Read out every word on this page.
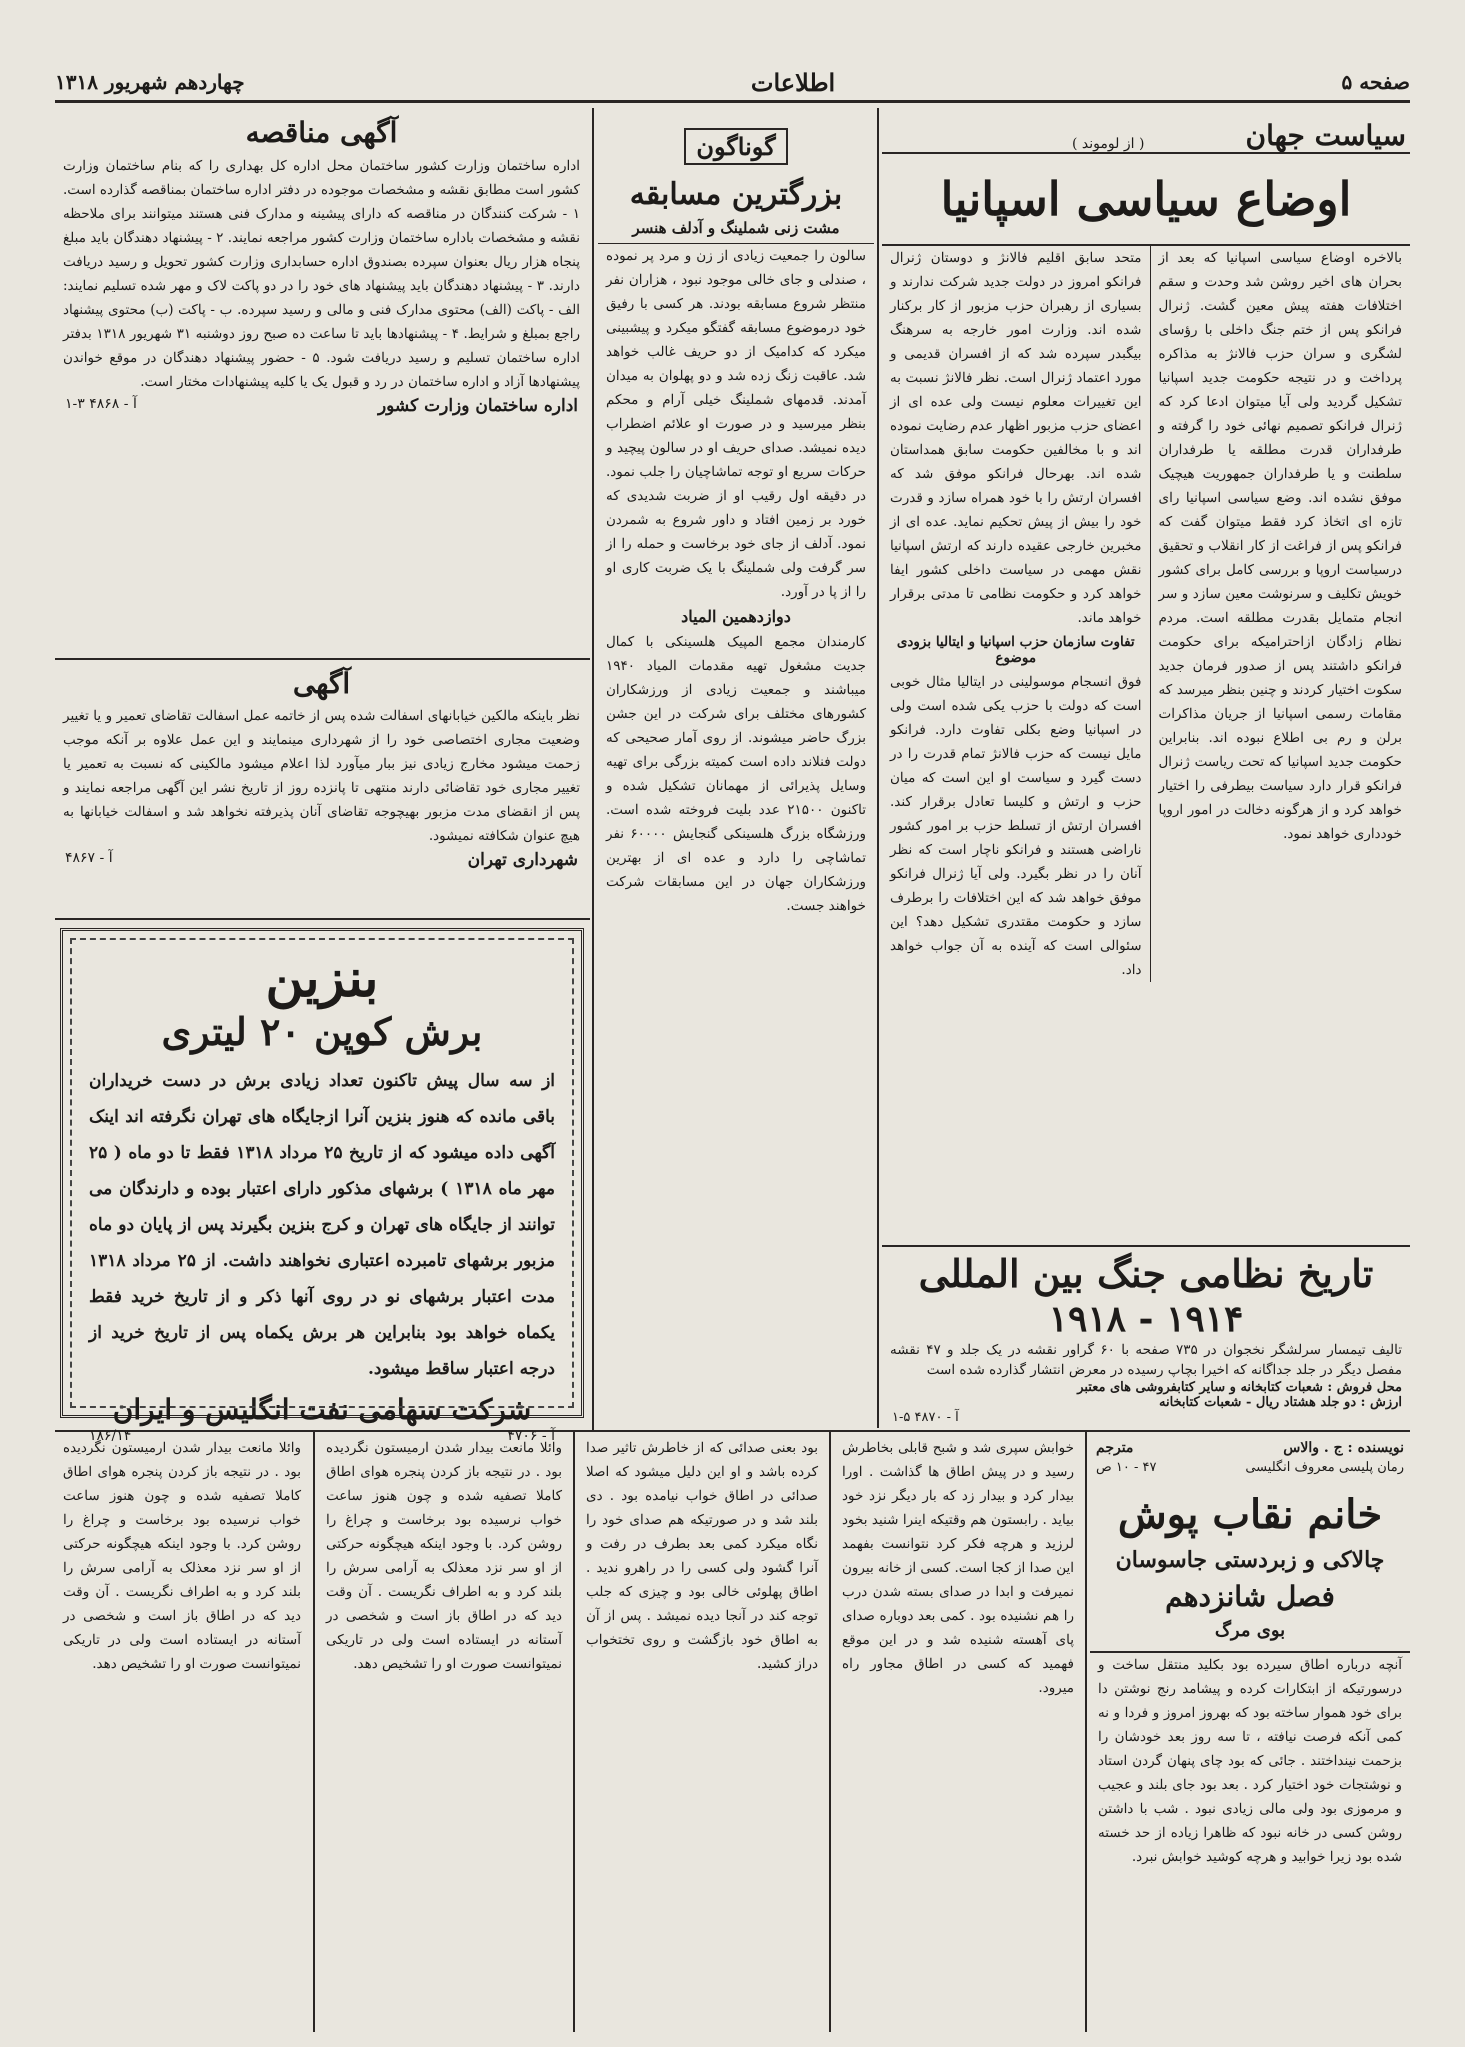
صفحه ۵
اطلاعات
چهاردهم شهریور ۱۳۱۸
سیاست جهان
( از لوموند )
اوضاع سیاسی اسپانیا

بالاخره اوضاع سیاسی اسپانیا که بعد از بحران های اخیر روشن شد وحدت و سقم اختلافات هفته پیش معین گشت. ژنرال فرانکو پس از ختم جنگ داخلی با رؤسای لشگری و سران حزب فالانژ به مذاکره پرداخت و در نتیجه حکومت جدید اسپانیا تشکیل گردید ولی آیا میتوان ادعا کرد که ژنرال فرانکو تصمیم نهائی خود را گرفته و طرفداران قدرت مطلقه یا طرفداران سلطنت و یا طرفداران جمهوریت هیچیک موفق نشده اند. وضع سیاسی اسپانیا رای تازه ای اتخاذ کرد فقط میتوان گفت که فرانکو پس از فراغت از کار انقلاب و تحقیق درسیاست اروپا و بررسی کامل برای کشور خویش تکلیف و سرنوشت معین سازد و سر انجام متمایل بقدرت مطلقه است. مردم نظام زادگان ازاحترامیکه برای حکومت فرانکو داشتند پس از صدور فرمان جدید سکوت اختیار کردند و چنین بنظر میرسد که مقامات رسمی اسپانیا از جریان مذاکرات برلن و رم بی اطلاع نبوده اند. بنابراین حکومت جدید اسپانیا که تحت ریاست ژنرال فرانکو قرار دارد سیاست بیطرفی را اختیار خواهد کرد و از هرگونه دخالت در امور اروپا خودداری خواهد نمود.

متحد سابق اقلیم فالانژ و دوستان ژنرال فرانکو امروز در دولت جدید شرکت ندارند و بسیاری از رهبران حزب مزبور از کار برکنار شده اند. وزارت امور خارجه به سرهنگ بیگبدر سپرده شد که از افسران قدیمی و مورد اعتماد ژنرال است. نظر فالانژ نسبت به این تغییرات معلوم نیست ولی عده ای از اعضای حزب مزبور اظهار عدم رضایت نموده اند و با مخالفین حکومت سابق همداستان شده اند. بهرحال فرانکو موفق شد که افسران ارتش را با خود همراه سازد و قدرت خود را بیش از پیش تحکیم نماید. عده ای از مخبرین خارجی عقیده دارند که ارتش اسپانیا نقش مهمی در سیاست داخلی کشور ایفا خواهد کرد و حکومت نظامی تا مدتی برقرار خواهد ماند.

تفاوت سازمان حزب اسپانیا و ایتالیا بزودی موضوع

فوق انسجام موسولینی در ایتالیا مثال خوبی است که دولت با حزب یکی شده است ولی در اسپانیا وضع بکلی تفاوت دارد. فرانکو مایل نیست که حزب فالانژ تمام قدرت را در دست گیرد و سیاست او این است که میان حزب و ارتش و کلیسا تعادل برقرار کند. افسران ارتش از تسلط حزب بر امور کشور ناراضی هستند و فرانکو ناچار است که نظر آنان را در نظر بگیرد. ولی آیا ژنرال فرانکو موفق خواهد شد که این اختلافات را برطرف سازد و حکومت مقتدری تشکیل دهد؟ این سئوالی است که آینده به آن جواب خواهد داد.

تاریخ نظامی جنگ بین المللی
۱۹۱۴ - ۱۹۱۸

تالیف تیمسار سرلشگر نخجوان در ۷۳۵ صفحه با ۶۰ گراور نقشه در یک جلد و ۴۷ نقشه مفصل دیگر در جلد جداگانه که اخیرا بچاپ رسیده در معرض انتشار گذارده شده است

محل فروش : شعبات کتابخانه و سایر کتابفروشی های معتبر
ارزش : دو جلد هشتاد ریال - شعبات کتابخانه
آ - ۴۸۷۰ ۵-۱
گوناگون
بزرگترین مسابقه
مشت زنی شملینگ و آدلف هنسر

سالون را جمعیت زیادی از زن و مرد پر نموده ، صندلی و جای خالی موجود نبود ، هزاران نفر منتظر شروع مسابقه بودند. هر کسی با رفیق خود درموضوع مسابقه گفتگو میکرد و پیشبینی میکرد که کدامیک از دو حریف غالب خواهد شد. عاقبت زنگ زده شد و دو پهلوان به میدان آمدند. قدمهای شملینگ خیلی آرام و محکم بنظر میرسید و در صورت او علائم اضطراب دیده نمیشد. صدای حریف او در سالون پیچید و حرکات سریع او توجه تماشاچیان را جلب نمود. در دقیقه اول رقیب او از ضربت شدیدی که خورد بر زمین افتاد و داور شروع به شمردن نمود. آدلف از جای خود برخاست و حمله را از سر گرفت ولی شملینگ با یک ضربت کاری او را از پا در آورد.

دوازدهمین المیاد

کارمندان مجمع المپیک هلسینکی با کمال جدیت مشغول تهیه مقدمات المیاد ۱۹۴۰ میباشند و جمعیت زیادی از ورزشکاران کشورهای مختلف برای شرکت در این جشن بزرگ حاضر میشوند. از روی آمار صحیحی که دولت فنلاند داده است کمیته بزرگی برای تهیه وسایل پذیرائی از مهمانان تشکیل شده و تاکنون ۲۱۵۰۰ عدد بلیت فروخته شده است. ورزشگاه بزرگ هلسینکی گنجایش ۶۰۰۰۰ نفر تماشاچی را دارد و عده ای از بهترین ورزشکاران جهان در این مسابقات شرکت خواهند جست.

آگهی مناقصه

اداره ساختمان وزارت کشور ساختمان محل اداره کل بهداری را که بنام ساختمان وزارت کشور است مطابق نقشه و مشخصات موجوده در دفتر اداره ساختمان بمناقصه گذارده است. ۱ - شرکت کنندگان در مناقصه که دارای پیشینه و مدارک فنی هستند میتوانند برای ملاحظه نقشه و مشخصات باداره ساختمان وزارت کشور مراجعه نمایند. ۲ - پیشنهاد دهندگان باید مبلغ پنجاه هزار ریال بعنوان سپرده بصندوق اداره حسابداری وزارت کشور تحویل و رسید دریافت دارند. ۳ - پیشنهاد دهندگان باید پیشنهاد های خود را در دو پاکت لاک و مهر شده تسلیم نمایند: الف - پاکت (الف) محتوی مدارک فنی و مالی و رسید سپرده. ب - پاکت (ب) محتوی پیشنهاد راجع بمبلغ و شرایط. ۴ - پیشنهادها باید تا ساعت ده صبح روز دوشنبه ۳۱ شهریور ۱۳۱۸ بدفتر اداره ساختمان تسلیم و رسید دریافت شود. ۵ - حضور پیشنهاد دهندگان در موقع خواندن پیشنهادها آزاد و اداره ساختمان در رد و قبول یک یا کلیه پیشنهادات مختار است.

اداره ساختمان وزارت کشور
آ - ۴۸۶۸ ۳-۱
آگهی

نظر باینکه مالکین خیابانهای اسفالت شده پس از خاتمه عمل اسفالت تقاضای تعمیر و یا تغییر وضعیت مجاری اختصاصی خود را از شهرداری مینمایند و این عمل علاوه بر آنکه موجب زحمت میشود مخارج زیادی نیز ببار میآورد لذا اعلام میشود مالکینی که نسبت به تعمیر یا تغییر مجاری خود تقاضائی دارند منتهی تا پانزده روز از تاریخ نشر این آگهی مراجعه نمایند و پس از انقضای مدت مزبور بهیچوجه تقاضای آنان پذیرفته نخواهد شد و اسفالت خیابانها به هیچ عنوان شکافته نمیشود.

شهرداری تهران
آ - ۴۸۶۷
بنزین
برش کوپن ۲۰ لیتری
از سه سال پیش تاکنون تعداد زیادی برش در دست خریداران باقی مانده که هنوز بنزین آنرا ازجایگاه های تهران نگرفته اند اینک آگهی داده میشود که از تاریخ ۲۵ مرداد ۱۳۱۸ فقط تا دو ماه ( ۲۵ مهر ماه ۱۳۱۸ ) برشهای مذکور دارای اعتبار بوده و دارندگان می توانند از جایگاه های تهران و کرج بنزین بگیرند پس از پایان دو ماه مزبور برشهای تامبرده اعتباری نخواهند داشت. از ۲۵ مرداد ۱۳۱۸ مدت اعتبار برشهای نو در روی آنها ذکر و از تاریخ خرید فقط یکماه خواهد بود بنابراین هر برش یکماه پس از تاریخ خرید از درجه اعتبار ساقط میشود.
شرکت سهامی نفت انگلیس و ایران
آ - ۴۷۰۶
۱۸۶/۱۴
نویسنده : ج . والاس
مترجم
رمان پلیسی معروف انگلیسی
۴۷ - ۱۰ ص
خانم نقاب پوش
چالاکی و زبردستی جاسوسان
فصل شانزدهم
بوی مرگ

آنچه درباره اطاق سیرده بود بکلید منتقل ساخت و درسورتیکه از ابتکارات کرده و پیشامد رنج نوشتن دا برای خود هموار ساخته بود که بهروز امروز و فردا و نه کمی آنکه فرصت نیافته ، تا سه روز بعد خودشان را بزحمت نینداختند . جائی که بود چای پنهان گردن استاد و نوشتجات خود اختیار کرد . بعد بود جای بلند و عجیب و مرموزی بود ولی مالی زیادی نبود . شب با داشتن روشن کسی در خانه نبود که ظاهرا زیاده از حد خسته شده بود زیرا خوابید و هرچه کوشید خوابش نبرد.

خوابش سپری شد و شبح قابلی بخاطرش رسید و در پیش اطاق ها گذاشت . اورا بیدار کرد و بیدار زد که بار دیگر نزد خود بیاید . رابستون هم وقتیکه اینرا شنید بخود لرزید و هرچه فکر کرد نتوانست بفهمد این صدا از کجا است. کسی از خانه بیرون نمیرفت و ابدا در صدای بسته شدن درب را هم نشنیده بود . کمی بعد دوباره صدای پای آهسته شنیده شد و در این موقع فهمید که کسی در اطاق مجاور راه میرود.

بود بعنی صدائی که از خاطرش تاثیر صدا کرده باشد و او این دلیل میشود که اصلا صدائی در اطاق خواب نیامده بود . دی بلند شد و در صورتیکه هم صدای خود را نگاه میکرد کمی بعد بطرف در رفت و آنرا گشود ولی کسی را در راهرو ندید . اطاق پهلوئی خالی بود و چیزی که جلب توجه کند در آنجا دیده نمیشد . پس از آن به اطاق خود بازگشت و روی تختخواب دراز کشید.

وائلا مانعت بیدار شدن ارمیستون نگردیده بود . در نتیجه باز کردن پنجره هوای اطاق کاملا تصفیه شده و چون هنوز ساعت خواب نرسیده بود برخاست و چراغ را روشن کرد. با وجود اینکه هیچگونه حرکتی از او سر نزد معذلک به آرامی سرش را بلند کرد و به اطراف نگریست . آن وقت دید که در اطاق باز است و شخصی در آستانه در ایستاده است ولی در تاریکی نمیتوانست صورت او را تشخیص دهد.

وائلا مانعت بیدار شدن ارمیستون نگردیده بود . در نتیجه باز کردن پنجره هوای اطاق کاملا تصفیه شده و چون هنوز ساعت خواب نرسیده بود برخاست و چراغ را روشن کرد. با وجود اینکه هیچگونه حرکتی از او سر نزد معذلک به آرامی سرش را بلند کرد و به اطراف نگریست . آن وقت دید که در اطاق باز است و شخصی در آستانه در ایستاده است ولی در تاریکی نمیتوانست صورت او را تشخیص دهد.
